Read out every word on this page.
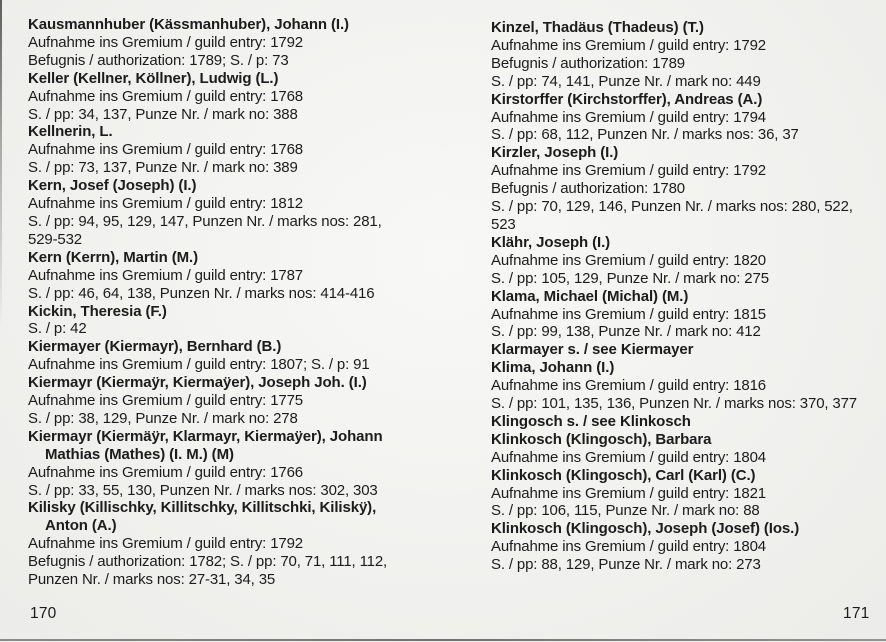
Kausmannhuber (Kässmanhuber), Johann (I.)
Aufnahme ins Gremium / guild entry: 1792
Befugnis / authorization: 1789; S. / p: 73
Keller (Kellner, Köllner), Ludwig (L.)
Aufnahme ins Gremium / guild entry: 1768
S. / pp: 34, 137, Punze Nr. / mark no: 388
Kellnerin, L.
Aufnahme ins Gremium / guild entry: 1768
S. / pp: 73, 137, Punze Nr. / mark no: 389
Kern, Josef (Joseph) (I.)
Aufnahme ins Gremium / guild entry: 1812
S. / pp: 94, 95, 129, 147, Punzen Nr. / marks nos: 281,
529-532
Kern (Kerrn), Martin (M.)
Aufnahme ins Gremium / guild entry: 1787
S. / pp: 46, 64, 138, Punzen Nr. / marks nos: 414-416
Kickin, Theresia (F.)
S. / p: 42
Kiermayer (Kiermayr), Bernhard (B.)
Aufnahme ins Gremium / guild entry: 1807; S. / p: 91
Kiermayr (Kiermaÿr, Kiermaÿer), Joseph Joh. (I.)
Aufnahme ins Gremium / guild entry: 1775
S. / pp: 38, 129, Punze Nr. / mark no: 278
Kiermayr (Kiermäÿr, Klarmayr, Kiermaÿer), Johann
Mathias (Mathes) (I. M.) (M)
Aufnahme ins Gremium / guild entry: 1766
S. / pp: 33, 55, 130, Punzen Nr. / marks nos: 302, 303
Kilisky (Killischky, Killitschky, Killitschki, Kiliskÿ),
Anton (A.)
Aufnahme ins Gremium / guild entry: 1792
Befugnis / authorization: 1782; S. / pp: 70, 71, 111, 112,
Punzen Nr. / marks nos: 27-31, 34, 35
Kinzel, Thadäus (Thadeus) (T.)
Aufnahme ins Gremium / guild entry: 1792
Befugnis / authorization: 1789
S. / pp: 74, 141, Punze Nr. / mark no: 449
Kirstorffer (Kirchstorffer), Andreas (A.)
Aufnahme ins Gremium / guild entry: 1794
S. / pp: 68, 112, Punzen Nr. / marks nos: 36, 37
Kirzler, Joseph (I.)
Aufnahme ins Gremium / guild entry: 1792
Befugnis / authorization: 1780
S. / pp: 70, 129, 146, Punzen Nr. / marks nos: 280, 522,
523
Klähr, Joseph (I.)
Aufnahme ins Gremium / guild entry: 1820
S. / pp: 105, 129, Punze Nr. / mark no: 275
Klama, Michael (Michal) (M.)
Aufnahme ins Gremium / guild entry: 1815
S. / pp: 99, 138, Punze Nr. / mark no: 412
Klarmayer s. / see Kiermayer
Klima, Johann (I.)
Aufnahme ins Gremium / guild entry: 1816
S. / pp: 101, 135, 136, Punzen Nr. / marks nos: 370, 377
Klingosch s. / see Klinkosch
Klinkosch (Klingosch), Barbara
Aufnahme ins Gremium / guild entry: 1804
Klinkosch (Klingosch), Carl (Karl) (C.)
Aufnahme ins Gremium / guild entry: 1821
S. / pp: 106, 115, Punze Nr. / mark no: 88
Klinkosch (Klingosch), Joseph (Josef) (Ios.)
Aufnahme ins Gremium / guild entry: 1804
S. / pp: 88, 129, Punze Nr. / mark no: 273
170	171
